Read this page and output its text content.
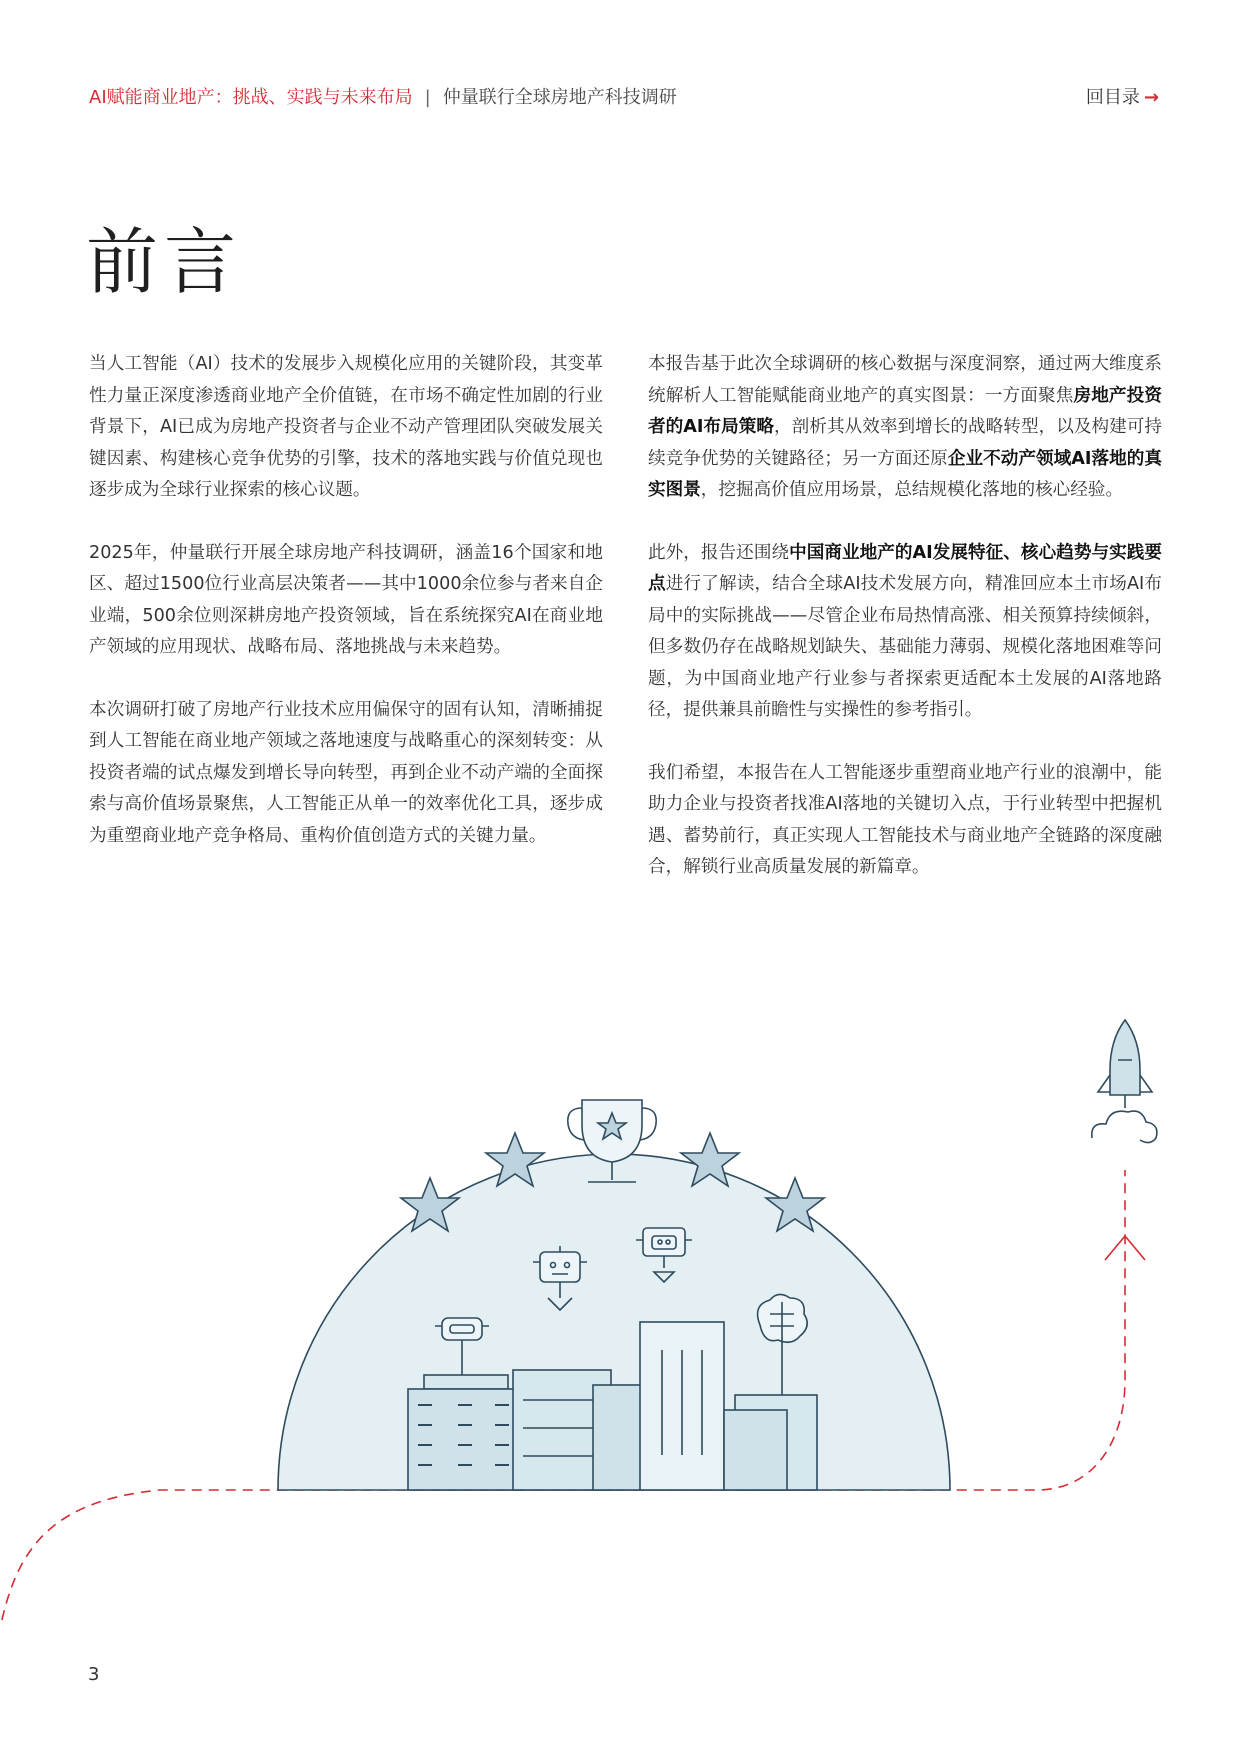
AI赋能商业地产：挑战、实践与未来布局 | 仲量联行全球房地产科技调研	回目录 →
前言

当人工智能（AI）技术的发展步入规模化应用的关键阶段，其变革性力量正深度渗透商业地产全价值链，在市场不确定性加剧的行业背景下，AI已成为房地产投资者与企业不动产管理团队突破发展关键因素、构建核心竞争优势的引擎，技术的落地实践与价值兑现也逐步成为全球行业探索的核心议题。

2025年，仲量联行开展全球房地产科技调研，涵盖16个国家和地区、超过1500位行业高层决策者——其中1000余位参与者来自企业端，500余位则深耕房地产投资领域，旨在系统探究AI在商业地产领域的应用现状、战略布局、落地挑战与未来趋势。

本次调研打破了房地产行业技术应用偏保守的固有认知，清晰捕捉到人工智能在商业地产领域之落地速度与战略重心的深刻转变：从投资者端的试点爆发到增长导向转型，再到企业不动产端的全面探索与高价值场景聚焦，人工智能正从单一的效率优化工具，逐步成为重塑商业地产竞争格局、重构价值创造方式的关键力量。

本报告基于此次全球调研的核心数据与深度洞察，通过两大维度系统解析人工智能赋能商业地产的真实图景：一方面聚焦房地产投资者的AI布局策略，剖析其从效率到增长的战略转型，以及构建可持续竞争优势的关键路径；另一方面还原企业不动产领域AI落地的真实图景，挖掘高价值应用场景，总结规模化落地的核心经验。

此外，报告还围绕中国商业地产的AI发展特征、核心趋势与实践要点进行了解读，结合全球AI技术发展方向，精准回应本土市场AI布局中的实际挑战——尽管企业布局热情高涨、相关预算持续倾斜，但多数仍存在战略规划缺失、基础能力薄弱、规模化落地困难等问题，为中国商业地产行业参与者探索更适配本土发展的AI落地路径，提供兼具前瞻性与实操性的参考指引。

我们希望，本报告在人工智能逐步重塑商业地产行业的浪潮中，能助力企业与投资者找准AI落地的关键切入点，于行业转型中把握机遇、蓄势前行，真正实现人工智能技术与商业地产全链路的深度融合，解锁行业高质量发展的新篇章。

3
